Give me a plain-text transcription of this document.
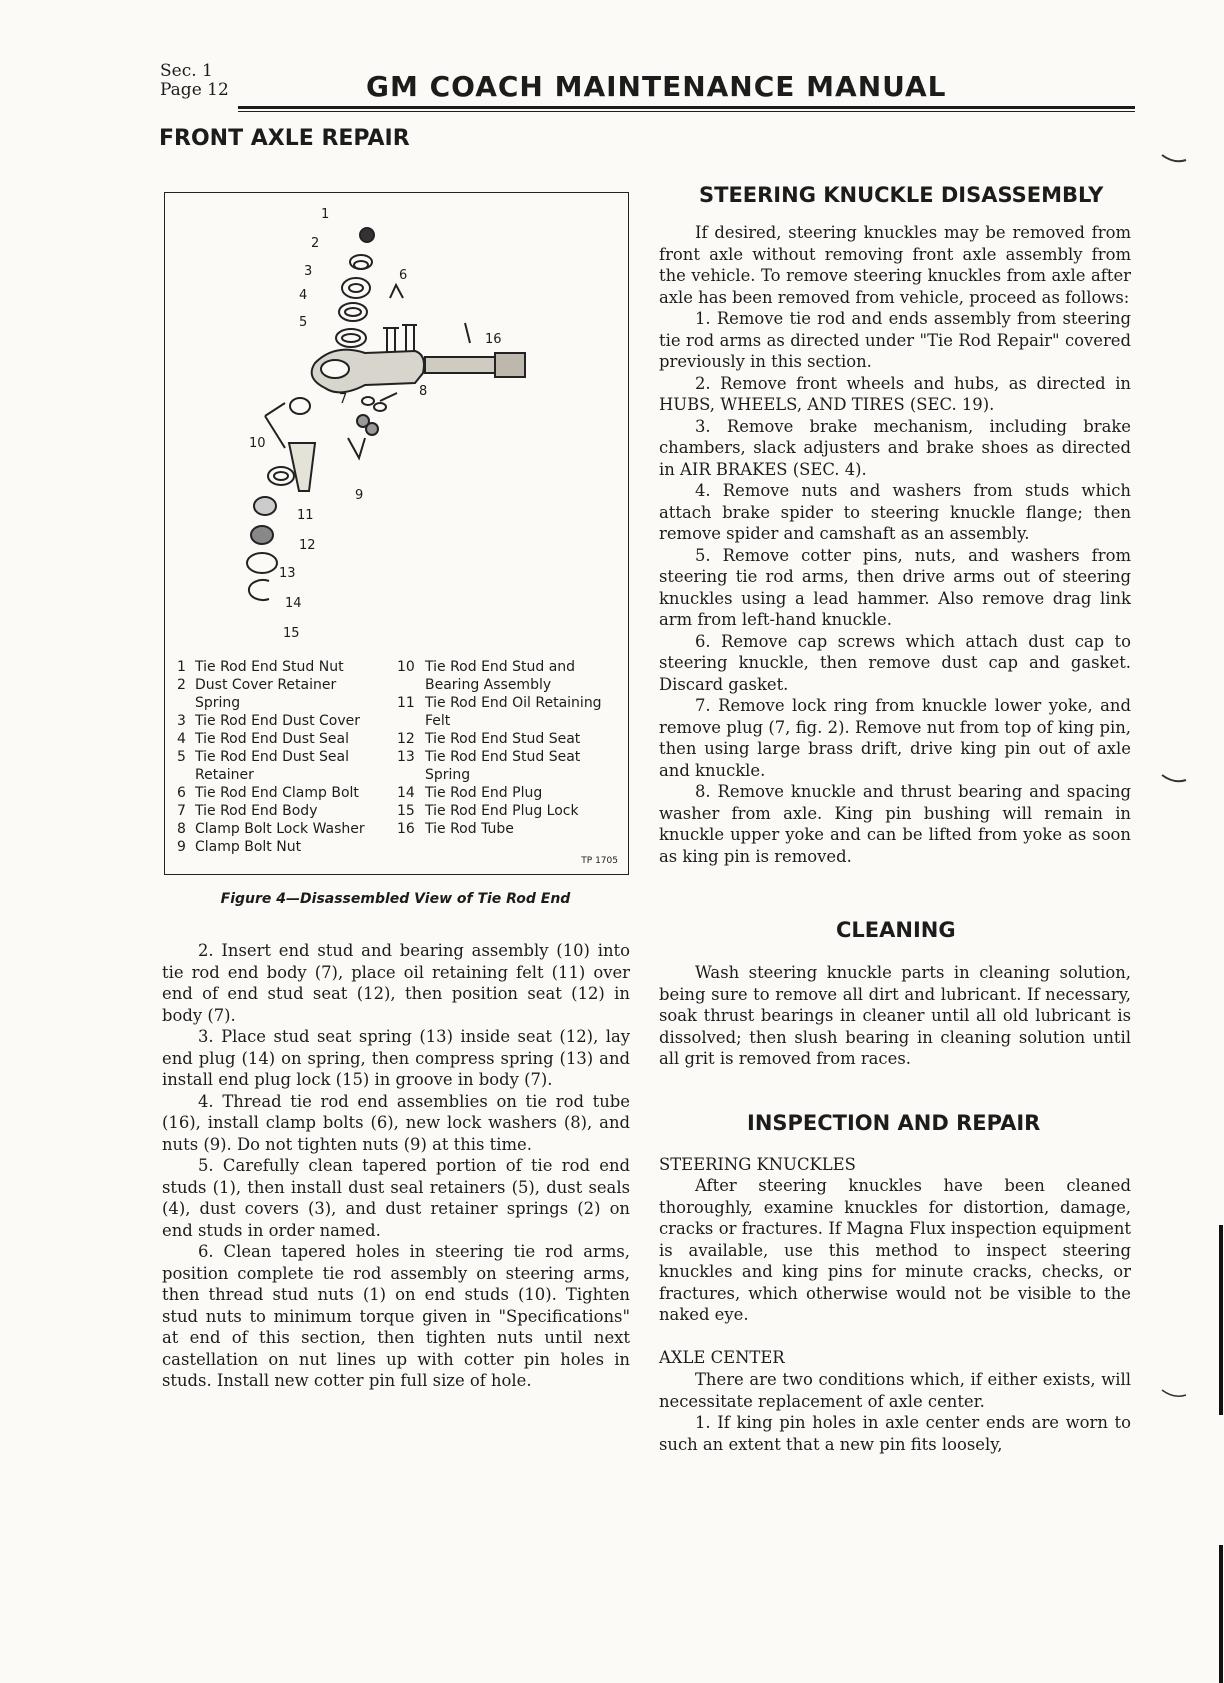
Sec. 1
Page 12	GM COACH MAINTENANCE MANUAL
FRONT AXLE REPAIR
1
2
3
4
5
6
7
8
9
10
11
12
13
14
15
16
1 Tie Rod End Stud Nut
2 Dust Cover Retainer Spring
3 Tie Rod End Dust Cover
4 Tie Rod End Dust Seal
5 Tie Rod End Dust Seal Retainer
6 Tie Rod End Clamp Bolt
7 Tie Rod End Body
8 Clamp Bolt Lock Washer
9 Clamp Bolt Nut
10 Tie Rod End Stud and Bearing Assembly
11 Tie Rod End Oil Retaining Felt
12 Tie Rod End Stud Seat
13 Tie Rod End Stud Seat Spring
14 Tie Rod End Plug
15 Tie Rod End Plug Lock
16 Tie Rod Tube
TP 1705
Figure 4—Disassembled View of Tie Rod End

2. Insert end stud and bearing assembly (10) into tie rod end body (7), place oil retaining felt (11) over end of end stud seat (12), then position seat (12) in body (7).

3. Place stud seat spring (13) inside seat (12), lay end plug (14) on spring, then compress spring (13) and install end plug lock (15) in groove in body (7).

4. Thread tie rod end assemblies on tie rod tube (16), install clamp bolts (6), new lock washers (8), and nuts (9). Do not tighten nuts (9) at this time.

5. Carefully clean tapered portion of tie rod end studs (1), then install dust seal retainers (5), dust seals (4), dust covers (3), and dust retainer springs (2) on end studs in order named.

6. Clean tapered holes in steering tie rod arms, position complete tie rod assembly on steering arms, then thread stud nuts (1) on end studs (10). Tighten stud nuts to minimum torque given in "Specifications" at end of this section, then tighten nuts until next castellation on nut lines up with cotter pin holes in studs. Install new cotter pin full size of hole.

STEERING KNUCKLE DISASSEMBLY

If desired, steering knuckles may be removed from front axle without removing front axle assembly from the vehicle. To remove steering knuckles from axle after axle has been removed from vehicle, proceed as follows:

1. Remove tie rod and ends assembly from steering tie rod arms as directed under "Tie Rod Repair" covered previously in this section.

2. Remove front wheels and hubs, as directed in HUBS, WHEELS, AND TIRES (SEC. 19).

3. Remove brake mechanism, including brake chambers, slack adjusters and brake shoes as directed in AIR BRAKES (SEC. 4).

4. Remove nuts and washers from studs which attach brake spider to steering knuckle flange; then remove spider and camshaft as an assembly.

5. Remove cotter pins, nuts, and washers from steering tie rod arms, then drive arms out of steering knuckles using a lead hammer. Also remove drag link arm from left-hand knuckle.

6. Remove cap screws which attach dust cap to steering knuckle, then remove dust cap and gasket. Discard gasket.

7. Remove lock ring from knuckle lower yoke, and remove plug (7, fig. 2). Remove nut from top of king pin, then using large brass drift, drive king pin out of axle and knuckle.

8. Remove knuckle and thrust bearing and spacing washer from axle. King pin bushing will remain in knuckle upper yoke and can be lifted from yoke as soon as king pin is removed.

CLEANING

Wash steering knuckle parts in cleaning solution, being sure to remove all dirt and lubricant. If necessary, soak thrust bearings in cleaner until all old lubricant is dissolved; then slush bearing in cleaning solution until all grit is removed from races.

INSPECTION AND REPAIR
STEERING KNUCKLES

After steering knuckles have been cleaned thoroughly, examine knuckles for distortion, damage, cracks or fractures. If Magna Flux inspection equipment is available, use this method to inspect steering knuckles and king pins for minute cracks, checks, or fractures, which otherwise would not be visible to the naked eye.

AXLE CENTER

There are two conditions which, if either exists, will necessitate replacement of axle center.

1. If king pin holes in axle center ends are worn to such an extent that a new pin fits loosely,
